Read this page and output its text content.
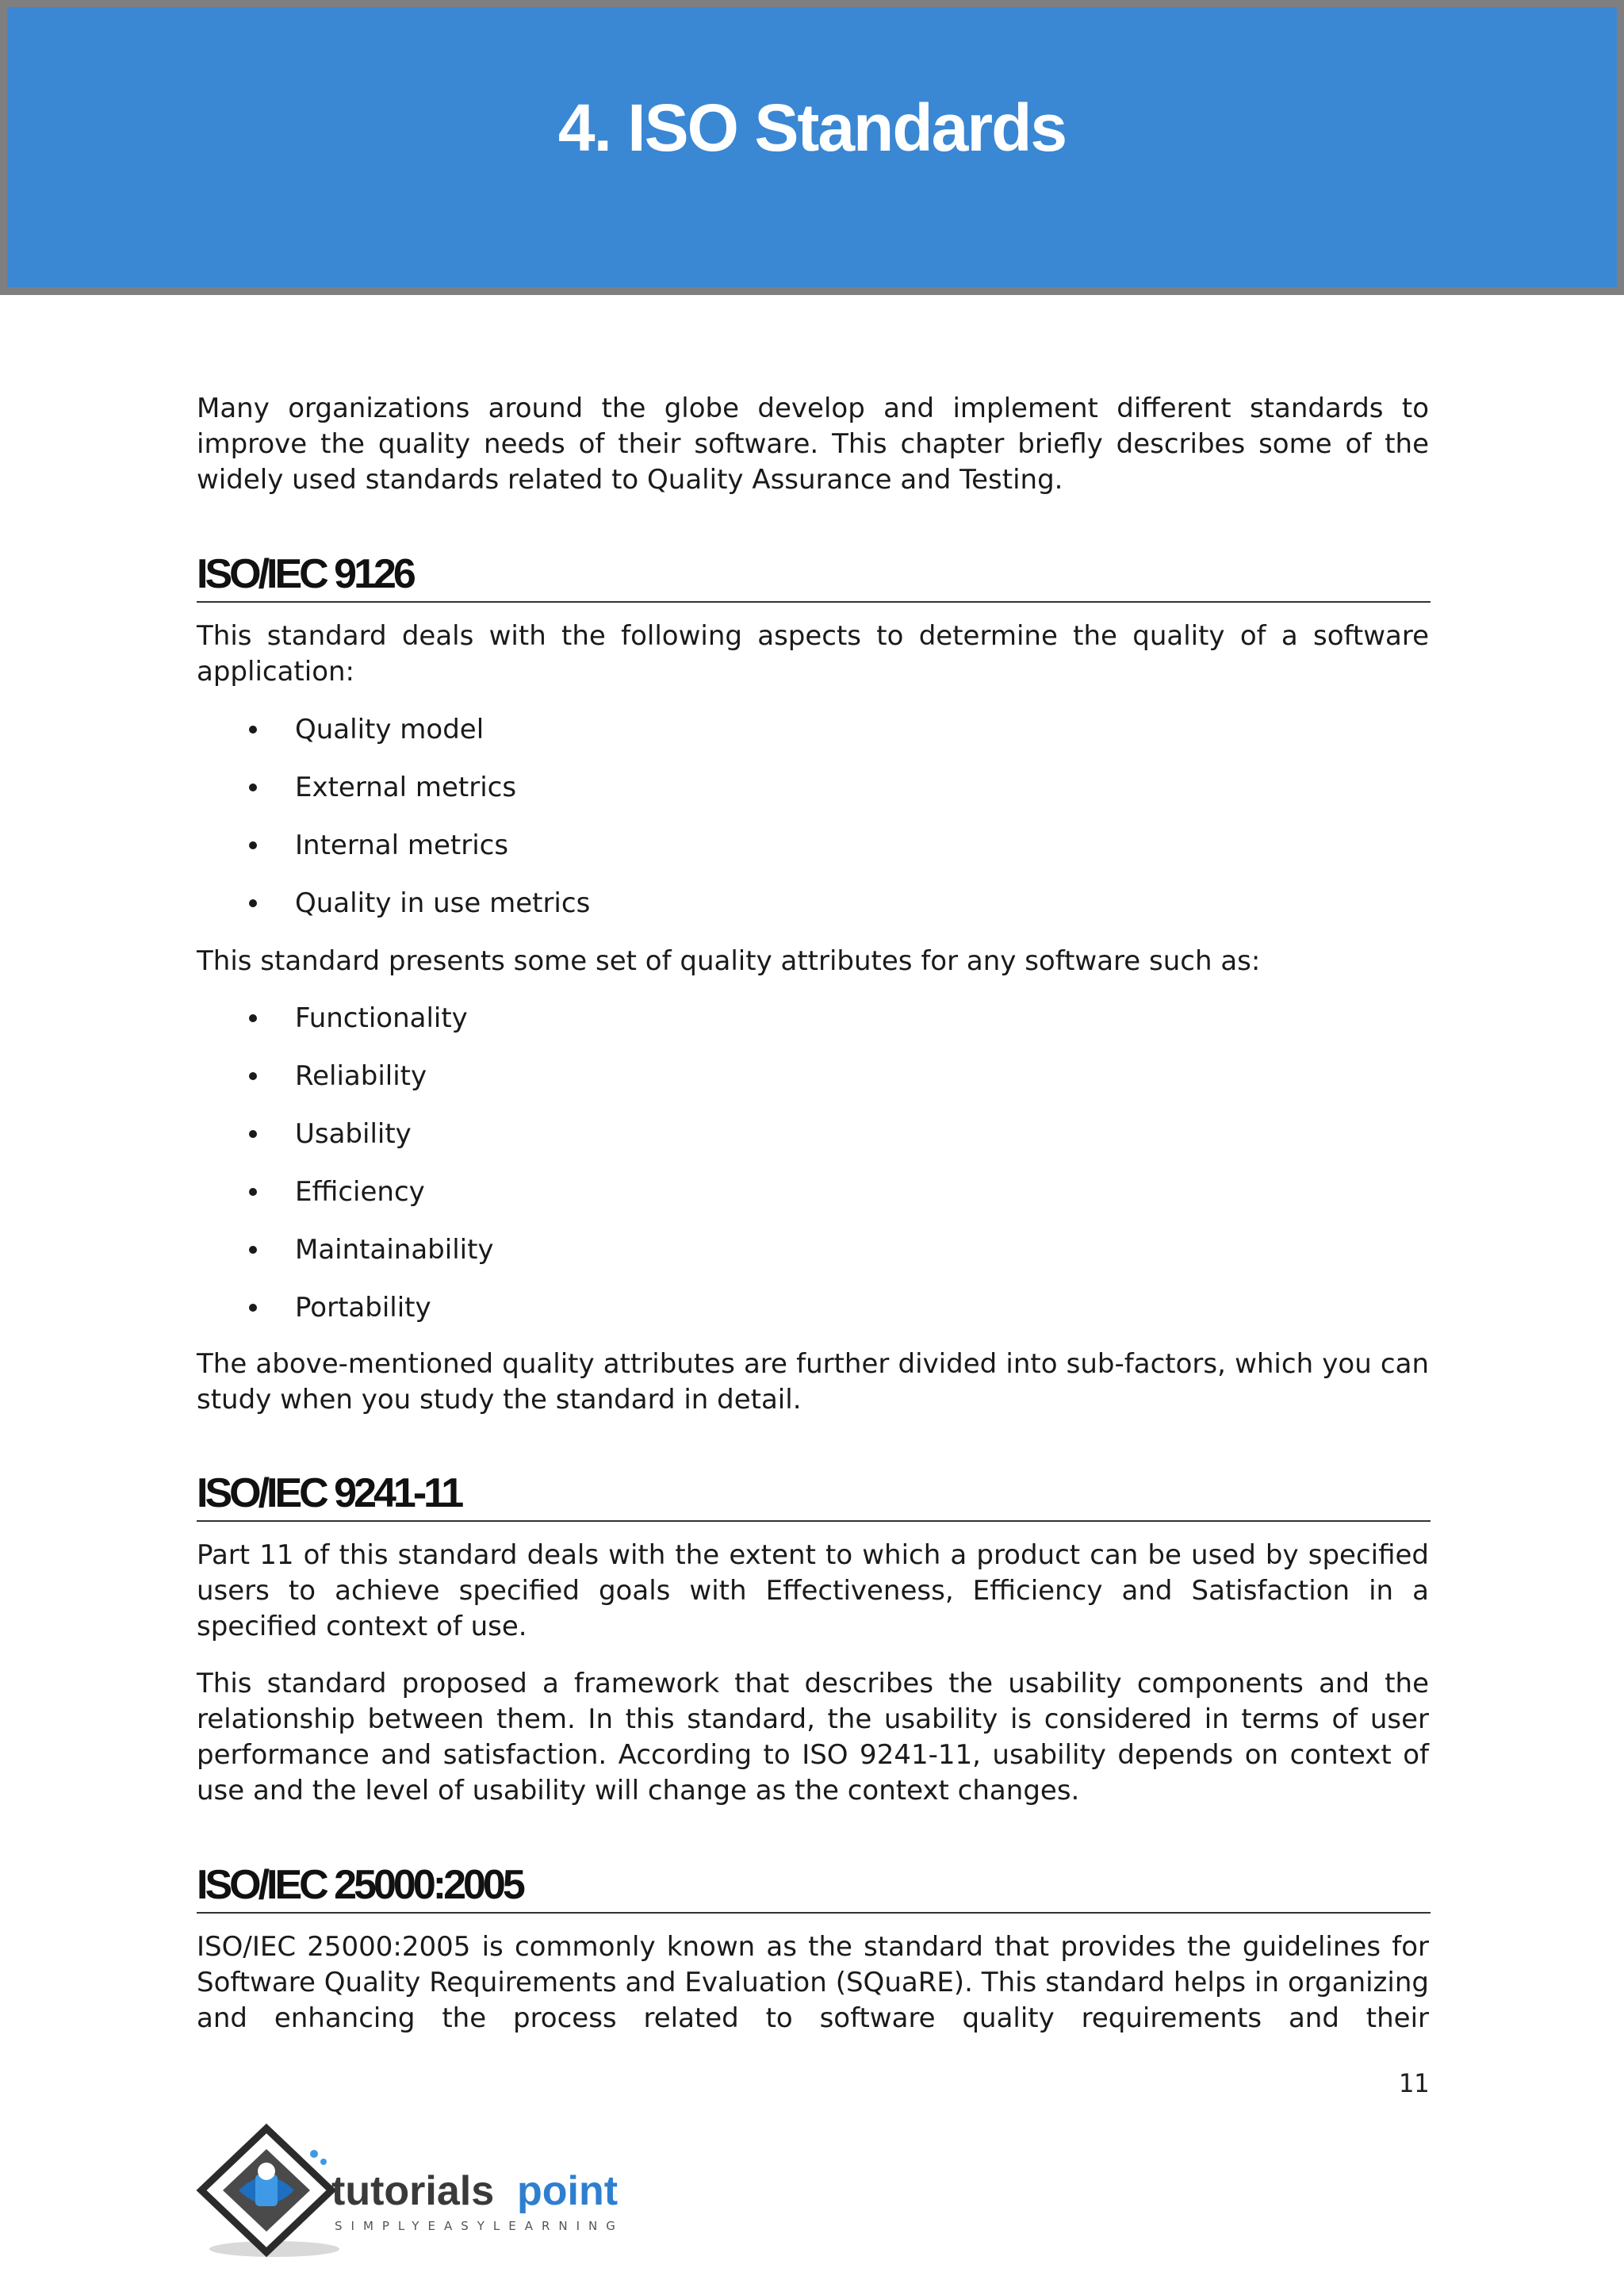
4. ISO Standards

Many organizations around the globe develop and implement different standards to improve the quality needs of their software. This chapter briefly describes some of the widely used standards related to Quality Assurance and Testing.

ISO/IEC 9126

This standard deals with the following aspects to determine the quality of a software application:

Quality model
External metrics
Internal metrics
Quality in use metrics

This standard presents some set of quality attributes for any software such as:

Functionality
Reliability
Usability
Efficiency
Maintainability
Portability

The above-mentioned quality attributes are further divided into sub-factors, which you can study when you study the standard in detail.

ISO/IEC 9241-11

Part 11 of this standard deals with the extent to which a product can be used by specified users to achieve specified goals with Effectiveness, Efficiency and Satisfaction in a specified context of use.

This standard proposed a framework that describes the usability components and the relationship between them. In this standard, the usability is considered in terms of user performance and satisfaction. According to ISO 9241-11, usability depends on context of use and the level of usability will change as the context changes.

ISO/IEC 25000:2005

ISO/IEC 25000:2005 is commonly known as the standard that provides the guidelines for Software Quality Requirements and Evaluation (SQuaRE). This standard helps in organizing and enhancing the process related to software quality requirements and their

11
tutorials point
SIMPLYEASYLEARNING
